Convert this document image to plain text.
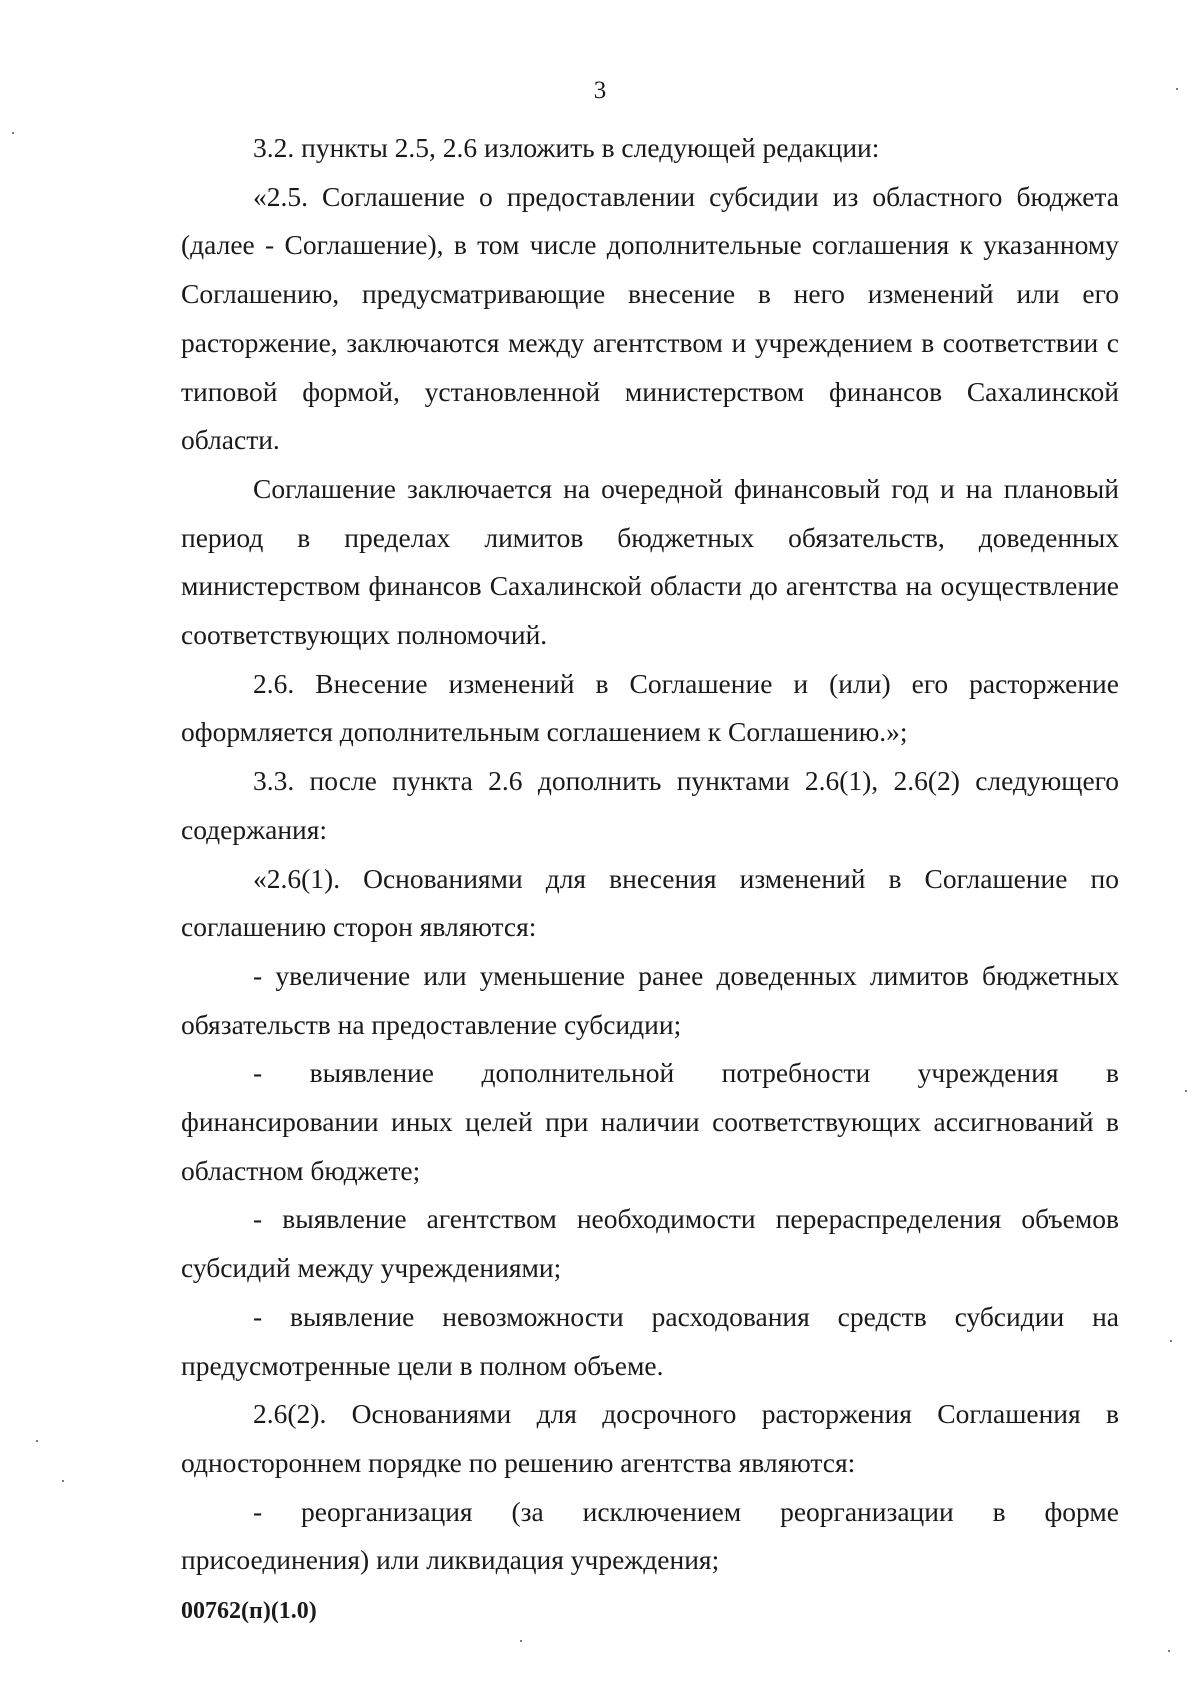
3

3.2. пункты 2.5, 2.6 изложить в следующей редакции:

«2.5. Соглашение о предоставлении субсидии из областного бюджета (далее - Соглашение), в том числе дополнительные соглашения к указанному Соглашению, предусматривающие внесение в него изменений или его расторжение, заключаются между агентством и учреждением в соответствии с типовой формой, установленной министерством финансов Сахалинской области.

Соглашение заключается на очередной финансовый год и на плановый период в пределах лимитов бюджетных обязательств, доведенных министерством финансов Сахалинской области до агентства на осуществление соответствующих полномочий.

2.6. Внесение изменений в Соглашение и (или) его расторжение оформляется дополнительным соглашением к Соглашению.»;

3.3. после пункта 2.6 дополнить пунктами 2.6(1), 2.6(2) следующего содержания:

«2.6(1). Основаниями для внесения изменений в Соглашение по соглашению сторон являются:

- увеличение или уменьшение ранее доведенных лимитов бюджетных обязательств на предоставление субсидии;

- выявление дополнительной потребности учреждения в финансировании иных целей при наличии соответствующих ассигнований в областном бюджете;

- выявление агентством необходимости перераспределения объемов субсидий между учреждениями;

- выявление невозможности расходования средств субсидии на предусмотренные цели в полном объеме.

2.6(2). Основаниями для досрочного расторжения Соглашения в одностороннем порядке по решению агентства являются:

- реорганизация (за исключением реорганизации в форме присоединения) или ликвидация учреждения;

00762(п)(1.0)
